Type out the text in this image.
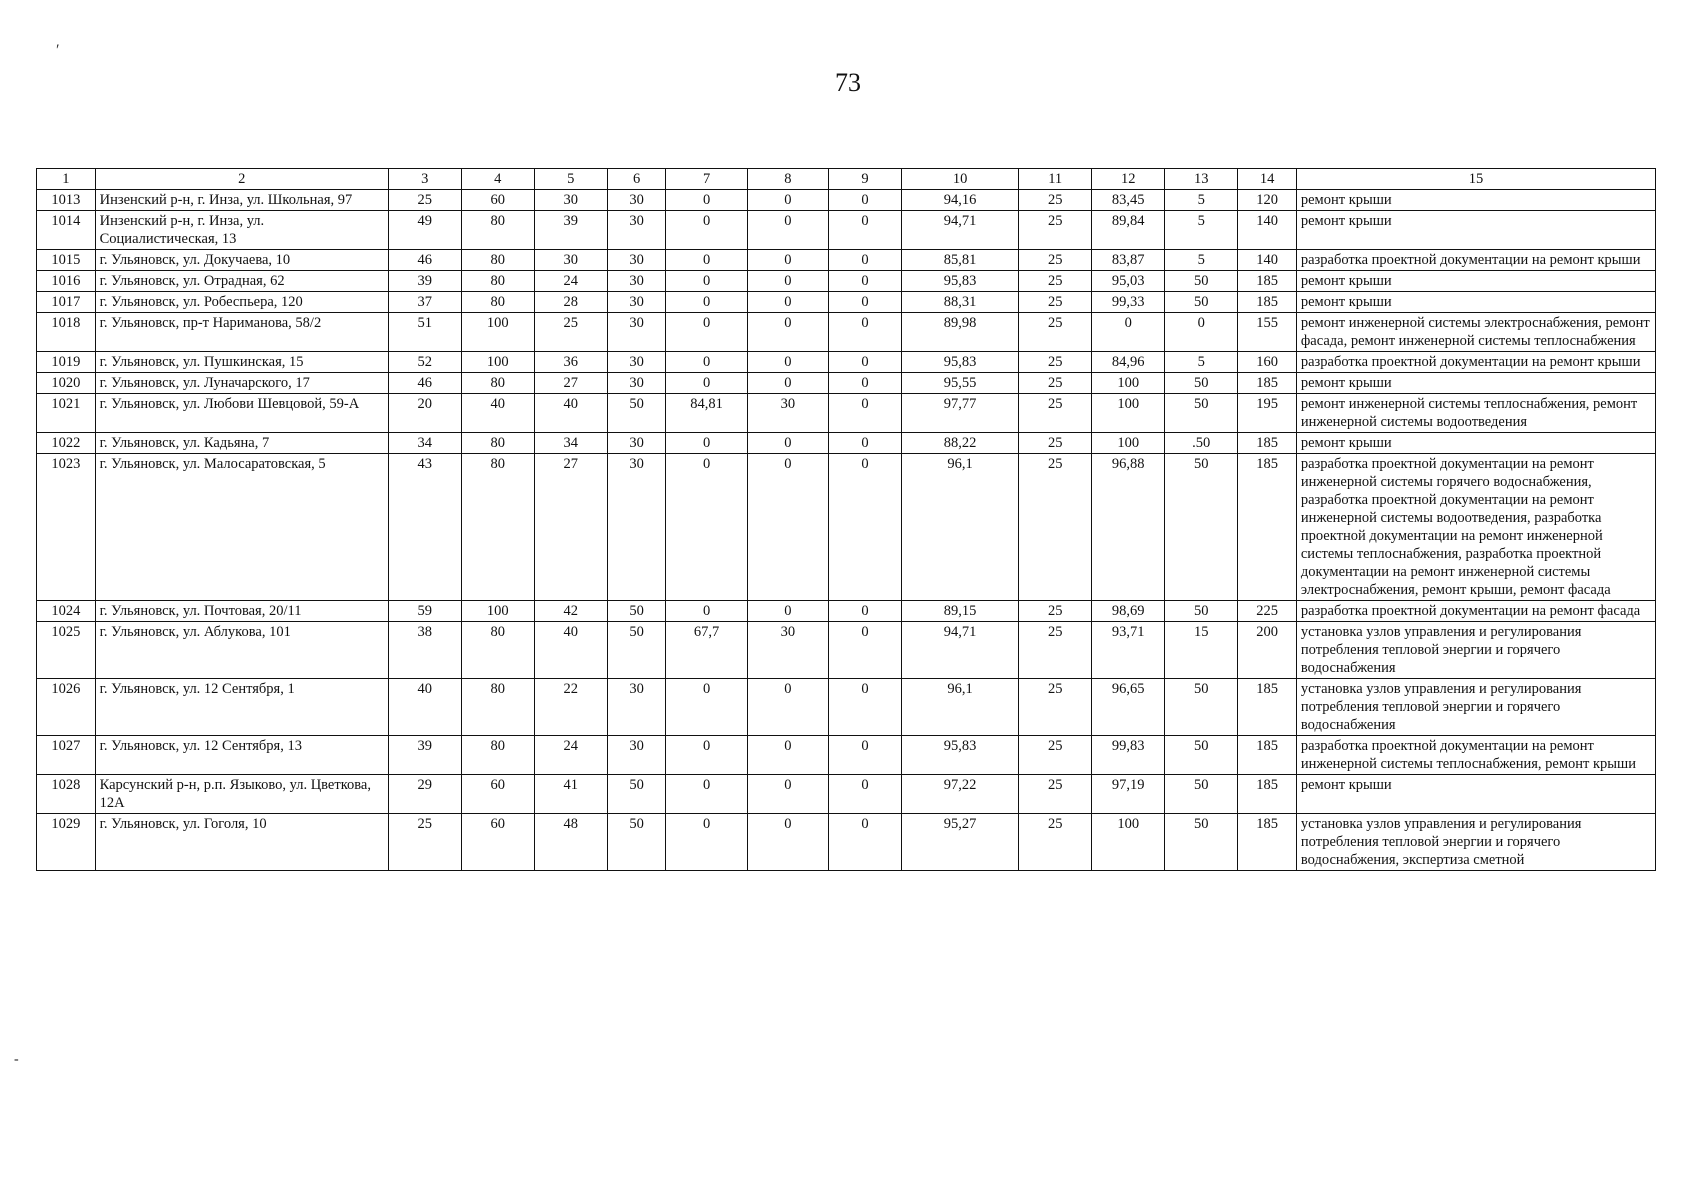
′
73
-
1	2	3	4	5	6	7	8	9	10	11	12	13	14	15
1013	Инзенский р-н, г. Инза, ул. Школьная, 97	25	60	30	30	0	0	0	94,16	25	83,45	5	120	ремонт крыши
1014	Инзенский р-н, г. Инза, ул. Социалистическая, 13	49	80	39	30	0	0	0	94,71	25	89,84	5	140	ремонт крыши
1015	г. Ульяновск, ул. Докучаева, 10	46	80	30	30	0	0	0	85,81	25	83,87	5	140	разработка проектной документации на ремонт крыши
1016	г. Ульяновск, ул. Отрадная, 62	39	80	24	30	0	0	0	95,83	25	95,03	50	185	ремонт крыши
1017	г. Ульяновск, ул. Робеспьера, 120	37	80	28	30	0	0	0	88,31	25	99,33	50	185	ремонт крыши
1018	г. Ульяновск, пр-т Нариманова, 58/2	51	100	25	30	0	0	0	89,98	25	0	0	155	ремонт инженерной системы электроснабжения, ремонт фасада, ремонт инженерной системы теплоснабжения
1019	г. Ульяновск, ул. Пушкинская, 15	52	100	36	30	0	0	0	95,83	25	84,96	5	160	разработка проектной документации на ремонт крыши
1020	г. Ульяновск, ул. Луначарского, 17	46	80	27	30	0	0	0	95,55	25	100	50	185	ремонт крыши
1021	г. Ульяновск, ул. Любови Шевцовой, 59-А	20	40	40	50	84,81	30	0	97,77	25	100	50	195	ремонт инженерной системы теплоснабжения, ремонт инженерной системы водоотведения
1022	г. Ульяновск, ул. Кадьяна, 7	34	80	34	30	0	0	0	88,22	25	100	.50	185	ремонт крыши
1023	г. Ульяновск, ул. Малосаратовская, 5	43	80	27	30	0	0	0	96,1	25	96,88	50	185	разработка проектной документации на ремонт инженерной системы горячего водоснабжения, разработка проектной документации на ремонт инженерной системы водоотведения, разработка проектной документации на ремонт инженерной системы теплоснабжения, разработка проектной документации на ремонт инженерной системы электроснабжения, ремонт крыши, ремонт фасада
1024	г. Ульяновск, ул. Почтовая, 20/11	59	100	42	50	0	0	0	89,15	25	98,69	50	225	разработка проектной документации на ремонт фасада
1025	г. Ульяновск, ул. Аблукова, 101	38	80	40	50	67,7	30	0	94,71	25	93,71	15	200	установка узлов управления и регулирования потребления тепловой энергии и горячего водоснабжения
1026	г. Ульяновск, ул. 12 Сентября, 1	40	80	22	30	0	0	0	96,1	25	96,65	50	185	установка узлов управления и регулирования потребления тепловой энергии и горячего водоснабжения
1027	г. Ульяновск, ул. 12 Сентября, 13	39	80	24	30	0	0	0	95,83	25	99,83	50	185	разработка проектной документации на ремонт инженерной системы теплоснабжения, ремонт крыши
1028	Карсунский р-н, р.п. Языково, ул. Цветкова, 12А	29	60	41	50	0	0	0	97,22	25	97,19	50	185	ремонт крыши
1029	г. Ульяновск, ул. Гоголя, 10	25	60	48	50	0	0	0	95,27	25	100	50	185	установка узлов управления и регулирования потребления тепловой энергии и горячего водоснабжения, экспертиза сметной
